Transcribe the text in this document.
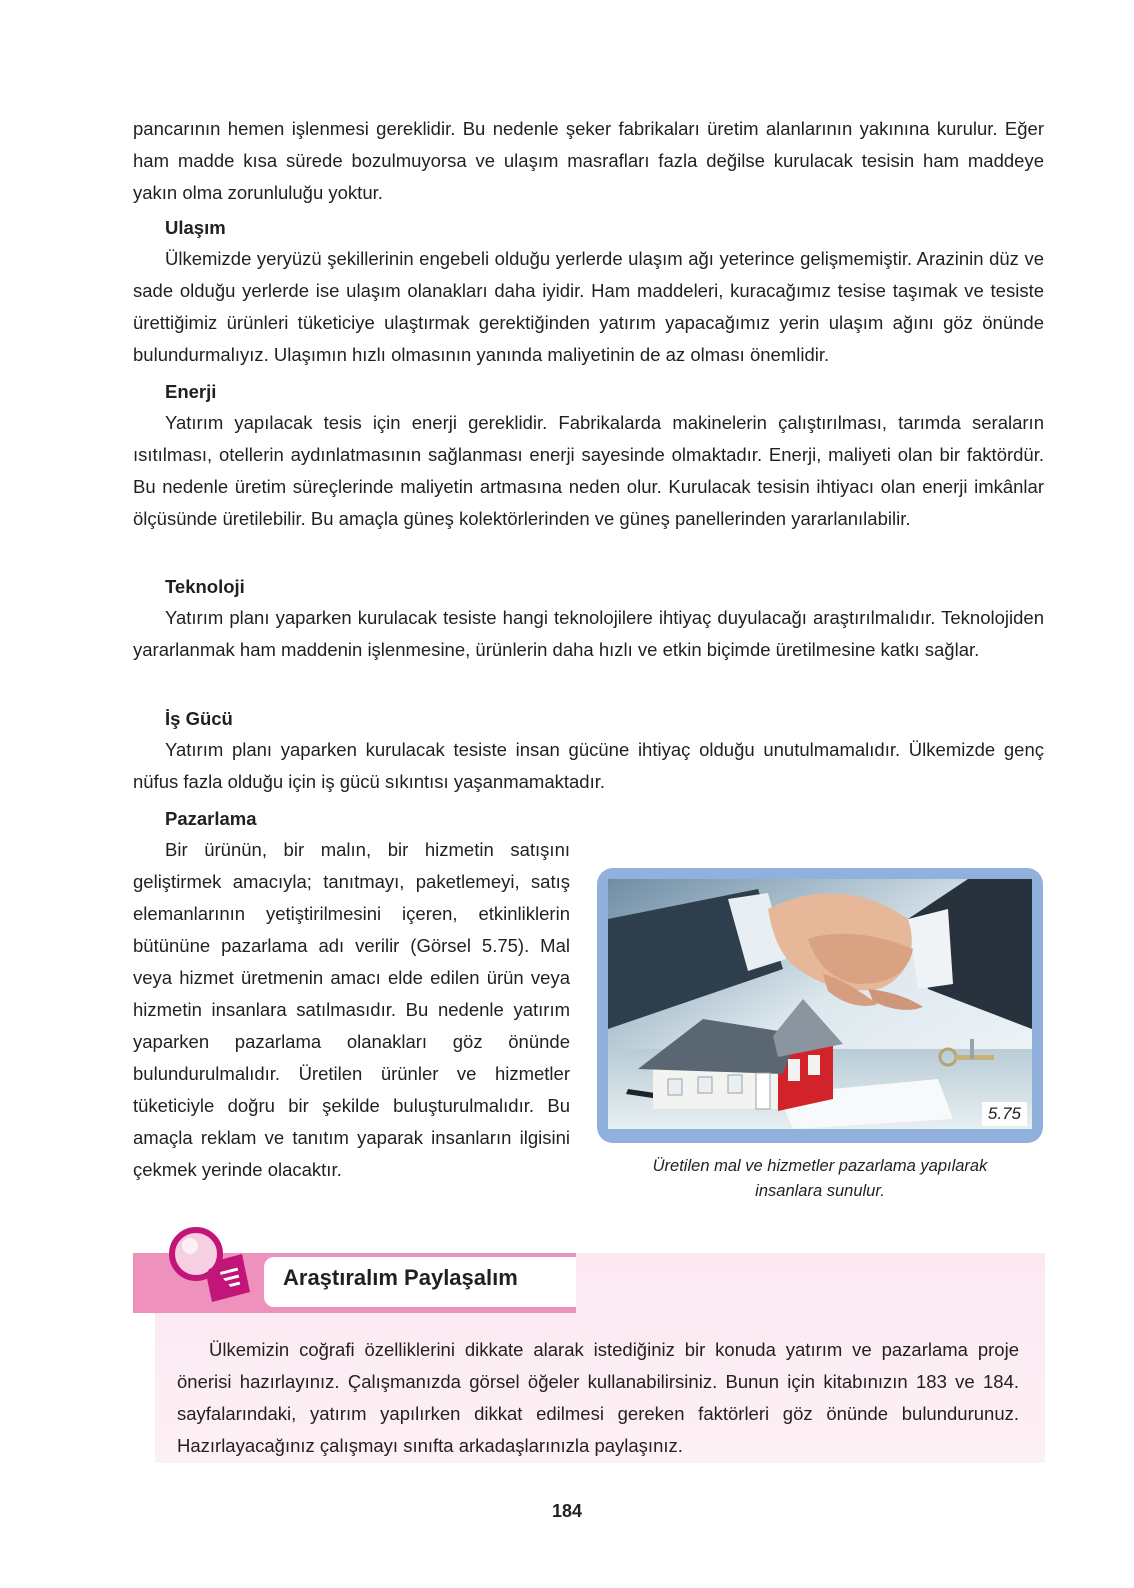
pancarının hemen işlenmesi gereklidir. Bu nedenle şeker fabrikaları üretim alanlarının yakınına kurulur. Eğer ham madde kısa sürede bozulmuyorsa ve ulaşım masrafları fazla değilse kurulacak tesisin ham maddeye yakın olma zorunluluğu yoktur.

Ulaşım

Ülkemizde yeryüzü şekillerinin engebeli olduğu yerlerde ulaşım ağı yeterince gelişmemiştir. Arazinin düz ve sade olduğu yerlerde ise ulaşım olanakları daha iyidir. Ham maddeleri, kuracağımız tesise taşımak ve tesiste ürettiğimiz ürünleri tüketiciye ulaştırmak gerektiğinden yatırım yapacağımız yerin ulaşım ağını göz önünde bulundurmalıyız. Ulaşımın hızlı olmasının yanında maliyetinin de az olması önemlidir.

Enerji

Yatırım yapılacak tesis için enerji gereklidir. Fabrikalarda makinelerin çalıştırılması, tarımda seraların ısıtılması, otellerin aydınlatmasının sağlanması enerji sayesinde olmaktadır. Enerji, maliyeti olan bir faktördür. Bu nedenle üretim süreçlerinde maliyetin artmasına neden olur. Kurulacak tesisin ihtiyacı olan enerji imkânlar ölçüsünde üretilebilir. Bu amaçla güneş kolektörlerinden ve güneş panellerinden yararlanılabilir.

Teknoloji

Yatırım planı yaparken kurulacak tesiste hangi teknolojilere ihtiyaç duyulacağı araştırılmalıdır. Teknolojiden yararlanmak ham maddenin işlenmesine, ürünlerin daha hızlı ve etkin biçimde üretilmesine katkı sağlar.

İş Gücü

Yatırım planı yaparken kurulacak tesiste insan gücüne ihtiyaç olduğu unutulmamalıdır. Ülkemizde genç nüfus fazla olduğu için iş gücü sıkıntısı yaşanmamaktadır.

Pazarlama

Bir ürünün, bir malın, bir hizmetin satışını geliştirmek amacıyla; tanıtmayı, paketlemeyi, satış elemanlarının yetiştirilmesini içeren, etkinliklerin bütününe pazarlama adı verilir (Görsel 5.75). Mal veya hizmet üretmenin amacı elde edilen ürün veya hizmetin insanlara satılmasıdır. Bu nedenle yatırım yaparken pazarlama olanakları göz önünde bulundurulmalıdır. Üretilen ürünler ve hizmetler tüketiciyle doğru bir şekilde buluşturulmalıdır. Bu amaçla reklam ve tanıtım yaparak insanların ilgisini çekmek yerinde olacaktır.

5.75

Üretilen mal ve hizmetler pazarlama yapılarak insanlara sunulur.

Araştıralım Paylaşalım

Ülkemizin coğrafi özelliklerini dikkate alarak istediğiniz bir konuda yatırım ve pazarlama proje önerisi hazırlayınız. Çalışmanızda görsel öğeler kullanabilirsiniz. Bunun için kitabınızın 183 ve 184. sayfalarındaki, yatırım yapılırken dikkat edilmesi gereken faktörleri göz önünde bulundurunuz. Hazırlayacağınız çalışmayı sınıfta arkadaşlarınızla paylaşınız.

184
